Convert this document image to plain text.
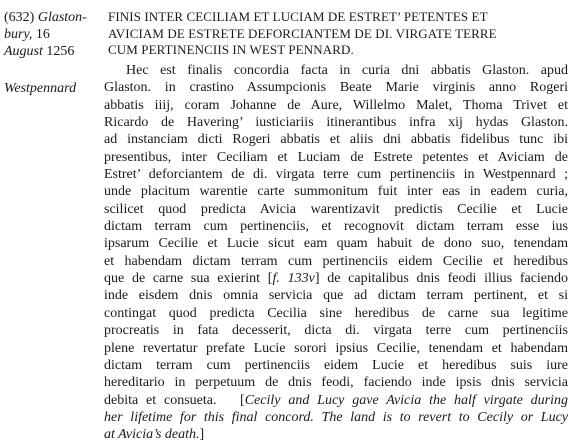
(632) Glaston-
bury, 16
August 1256
Westpennard
FINIS INTER CECILIAM ET LUCIAM DE ESTRET’ PETENTES ET
AVICIAM DE ESTRETE DEFORCIANTEM DE DI. VIRGATE TERRE
CUM PERTINENCIIS IN WEST PENNARD.
Hec est finalis concordia facta in curia dni abbatis Glaston. apud
Glaston. in crastino Assumpcionis Beate Marie virginis anno Rogeri
abbatis iiij, coram Johanne de Aure, Willelmo Malet, Thoma Trivet et
Ricardo de Havering’ iusticiariis itinerantibus infra xij hydas Glaston.
ad instanciam dicti Rogeri abbatis et aliis dni abbatis fidelibus tunc ibi
presentibus, inter Ceciliam et Luciam de Estrete petentes et Aviciam de
Estret’ deforciantem de di. virgata terre cum pertinenciis in Westpennard ;
unde placitum warentie carte summonitum fuit inter eas in eadem curia,
scilicet quod predicta Avicia warentizavit predictis Cecilie et Lucie
dictam terram cum pertinenciis, et recognovit dictam terram esse ius
ipsarum Cecilie et Lucie sicut eam quam habuit de dono suo, tenendam
et habendam dictam terram cum pertinenciis eidem Cecilie et heredibus
que de carne sua exierint [f. 133v] de capitalibus dnis feodi illius faciendo
inde eisdem dnis omnia servicia que ad dictam terram pertinent, et si
contingat quod predicta Cecilia sine heredibus de carne sua legitime
procreatis in fata decesserit, dicta di. virgata terre cum pertinenciis
plene revertatur prefate Lucie sorori ipsius Cecilie, tenendam et habendam
dictam terram cum pertinenciis eidem Lucie et heredibus suis iure
hereditario in perpetuum de dnis feodi, faciendo inde ipsis dnis servicia
debita et consueta. [Cecily and Lucy gave Avicia the half virgate during
her lifetime for this final concord. The land is to revert to Cecily or Lucy
at Avicia’s death.]
